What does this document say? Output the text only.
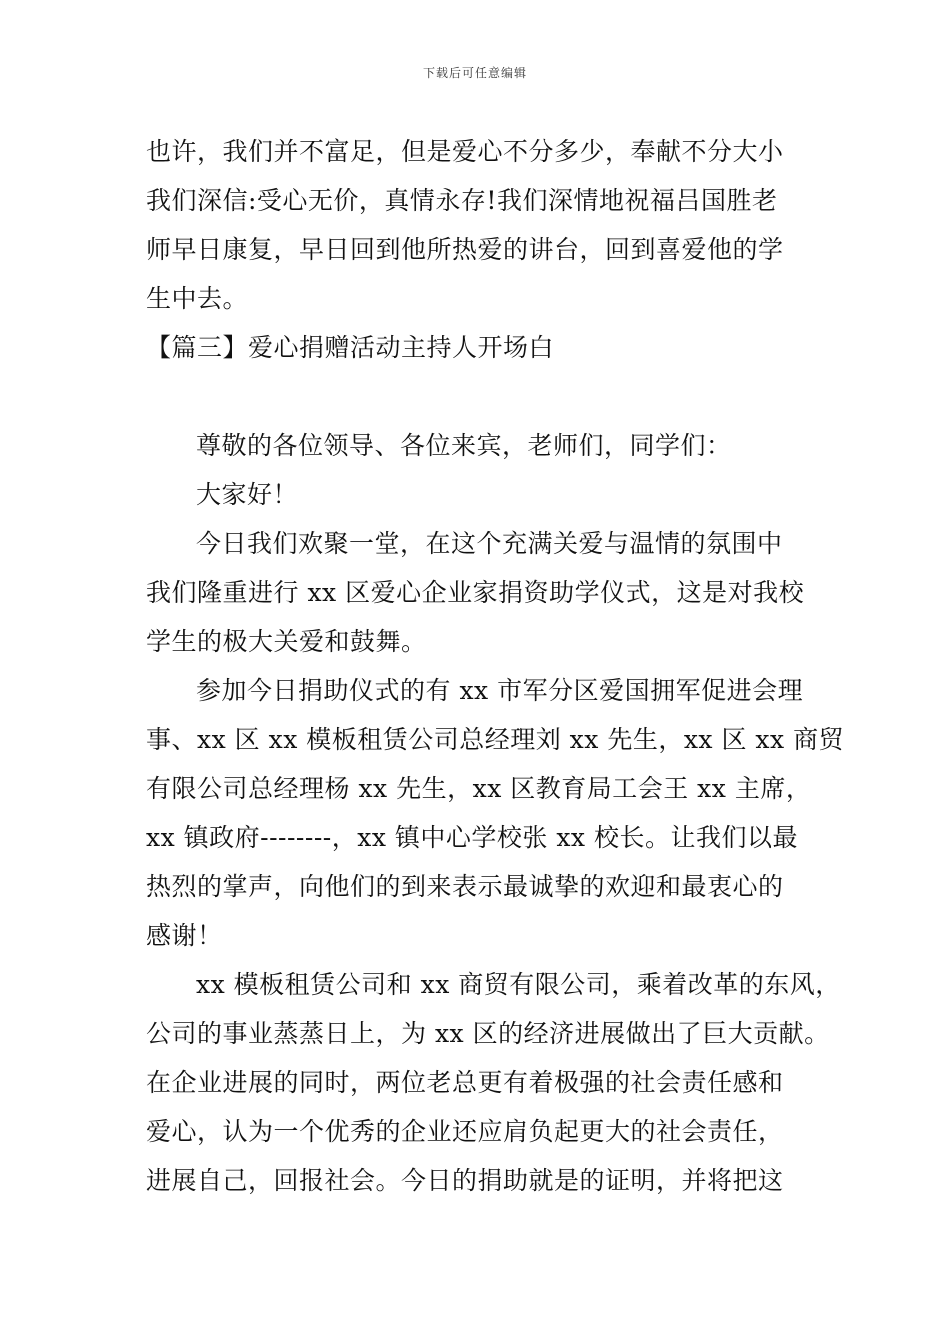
下载后可任意编辑
也许，我们并不富足，但是爱心不分多少，奉献不分大小
我们深信:受心无价，真情永存!我们深情地祝福吕国胜老
师早日康复，早日回到他所热爱的讲台，回到喜爱他的学
生中去。
【篇三】爱心捐赠活动主持人开场白
尊敬的各位领导、各位来宾，老师们，同学们：
大家好！
今日我们欢聚一堂，在这个充满关爱与温情的氛围中
我们隆重进行 xx 区爱心企业家捐资助学仪式，这是对我校
学生的极大关爱和鼓舞。
参加今日捐助仪式的有 xx 市军分区爱国拥军促进会理
事、xx 区 xx 模板租赁公司总经理刘 xx 先生，xx 区 xx 商贸
有限公司总经理杨 xx 先生，xx 区教育局工会王 xx 主席，
xx 镇政府--------，xx 镇中心学校张 xx 校长。让我们以最
热烈的掌声，向他们的到来表示最诚挚的欢迎和最衷心的
感谢！
xx 模板租赁公司和 xx 商贸有限公司，乘着改革的东风，
公司的事业蒸蒸日上，为 xx 区的经济进展做出了巨大贡献。
在企业进展的同时，两位老总更有着极强的社会责任感和
爱心，认为一个优秀的企业还应肩负起更大的社会责任，
进展自己，回报社会。今日的捐助就是的证明，并将把这
